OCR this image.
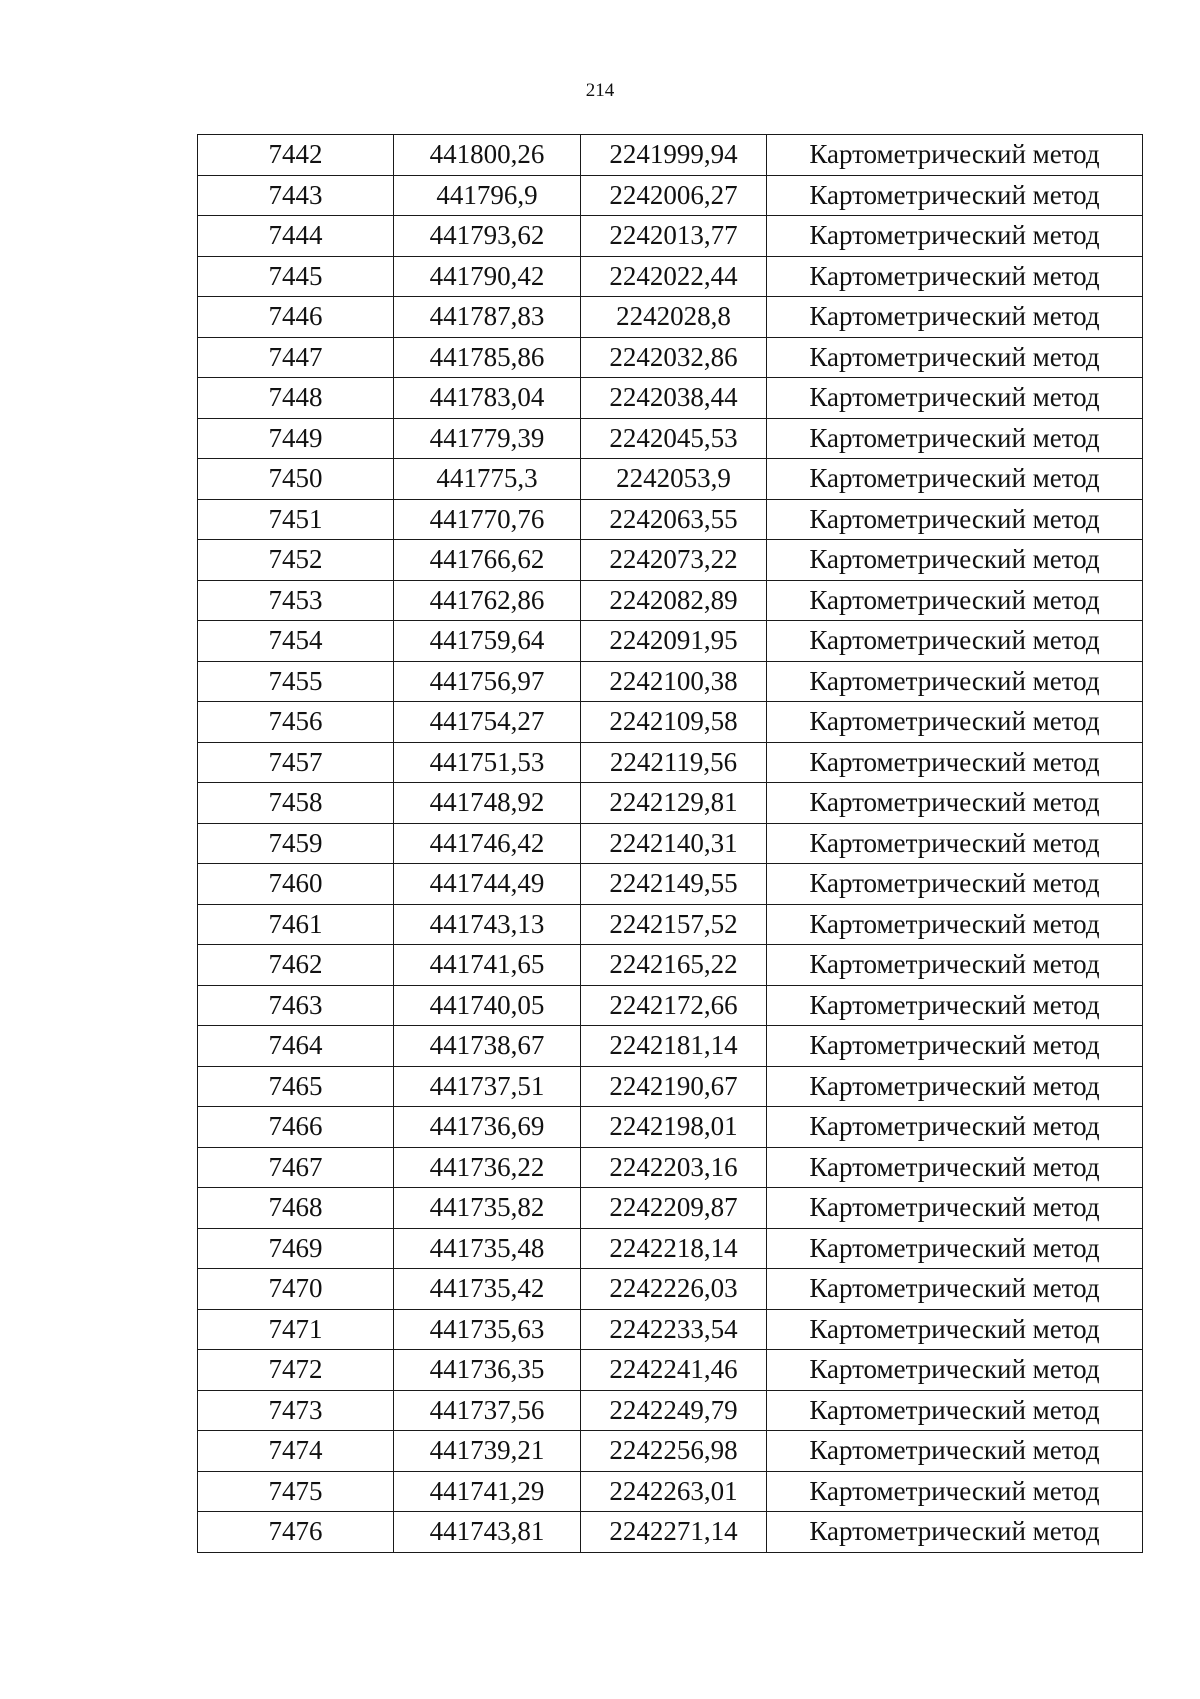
214
7442	441800,26	2241999,94	Картометрический метод
7443	441796,9	2242006,27	Картометрический метод
7444	441793,62	2242013,77	Картометрический метод
7445	441790,42	2242022,44	Картометрический метод
7446	441787,83	2242028,8	Картометрический метод
7447	441785,86	2242032,86	Картометрический метод
7448	441783,04	2242038,44	Картометрический метод
7449	441779,39	2242045,53	Картометрический метод
7450	441775,3	2242053,9	Картометрический метод
7451	441770,76	2242063,55	Картометрический метод
7452	441766,62	2242073,22	Картометрический метод
7453	441762,86	2242082,89	Картометрический метод
7454	441759,64	2242091,95	Картометрический метод
7455	441756,97	2242100,38	Картометрический метод
7456	441754,27	2242109,58	Картометрический метод
7457	441751,53	2242119,56	Картометрический метод
7458	441748,92	2242129,81	Картометрический метод
7459	441746,42	2242140,31	Картометрический метод
7460	441744,49	2242149,55	Картометрический метод
7461	441743,13	2242157,52	Картометрический метод
7462	441741,65	2242165,22	Картометрический метод
7463	441740,05	2242172,66	Картометрический метод
7464	441738,67	2242181,14	Картометрический метод
7465	441737,51	2242190,67	Картометрический метод
7466	441736,69	2242198,01	Картометрический метод
7467	441736,22	2242203,16	Картометрический метод
7468	441735,82	2242209,87	Картометрический метод
7469	441735,48	2242218,14	Картометрический метод
7470	441735,42	2242226,03	Картометрический метод
7471	441735,63	2242233,54	Картометрический метод
7472	441736,35	2242241,46	Картометрический метод
7473	441737,56	2242249,79	Картометрический метод
7474	441739,21	2242256,98	Картометрический метод
7475	441741,29	2242263,01	Картометрический метод
7476	441743,81	2242271,14	Картометрический метод
